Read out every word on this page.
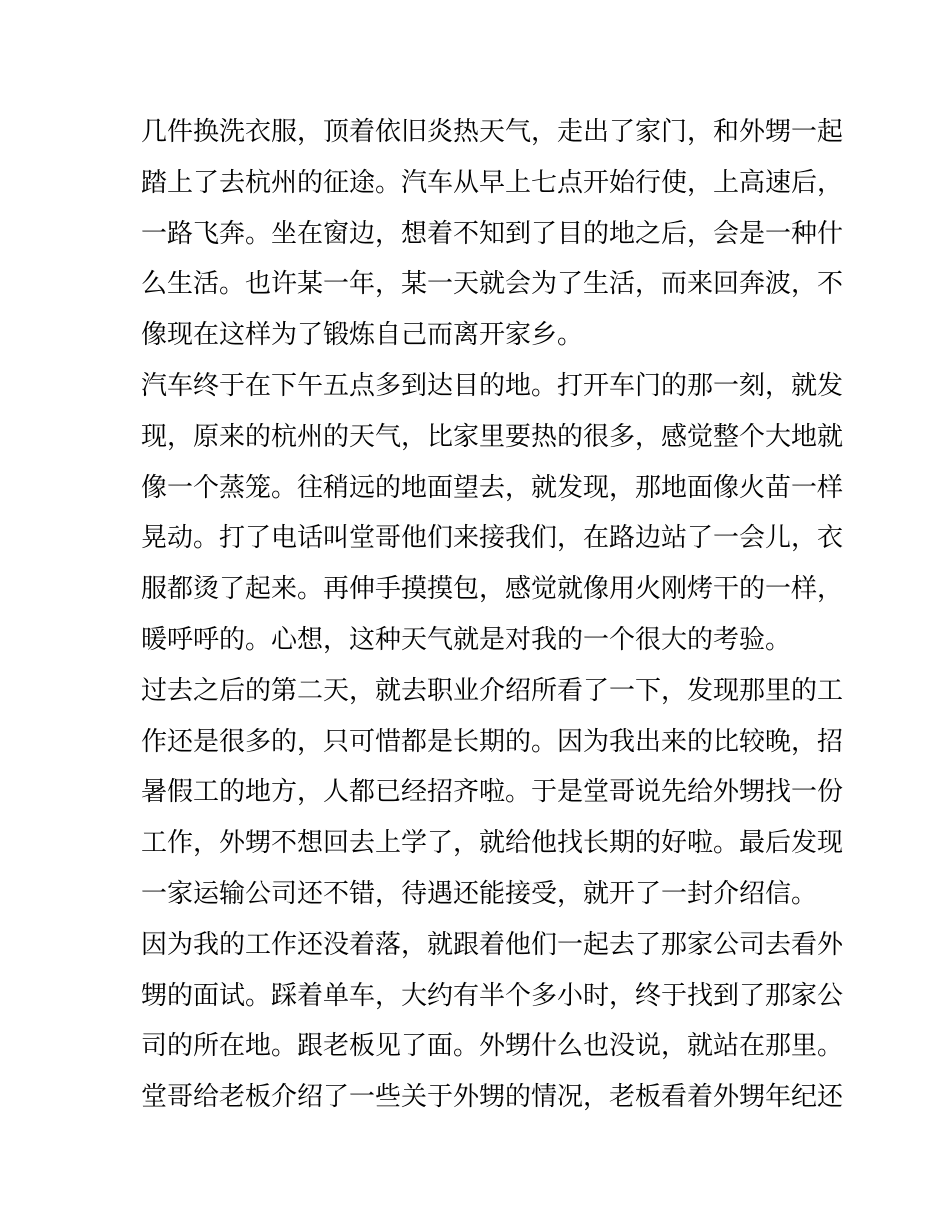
几件换洗衣服，顶着依旧炎热天气，走出了家门，和外甥一起
踏上了去杭州的征途。汽车从早上七点开始行使，上高速后，
一路飞奔。坐在窗边，想着不知到了目的地之后，会是一种什
么生活。也许某一年，某一天就会为了生活，而来回奔波，不
像现在这样为了锻炼自己而离开家乡。
汽车终于在下午五点多到达目的地。打开车门的那一刻，就发
现，原来的杭州的天气，比家里要热的很多，感觉整个大地就
像一个蒸笼。往稍远的地面望去，就发现，那地面像火苗一样
晃动。打了电话叫堂哥他们来接我们，在路边站了一会儿，衣
服都烫了起来。再伸手摸摸包，感觉就像用火刚烤干的一样，
暖呼呼的。心想，这种天气就是对我的一个很大的考验。
过去之后的第二天，就去职业介绍所看了一下，发现那里的工
作还是很多的，只可惜都是长期的。因为我出来的比较晚，招
暑假工的地方，人都已经招齐啦。于是堂哥说先给外甥找一份
工作，外甥不想回去上学了，就给他找长期的好啦。最后发现
一家运输公司还不错，待遇还能接受，就开了一封介绍信。
因为我的工作还没着落，就跟着他们一起去了那家公司去看外
甥的面试。踩着单车，大约有半个多小时，终于找到了那家公
司的所在地。跟老板见了面。外甥什么也没说，就站在那里。
堂哥给老板介绍了一些关于外甥的情况，老板看着外甥年纪还
